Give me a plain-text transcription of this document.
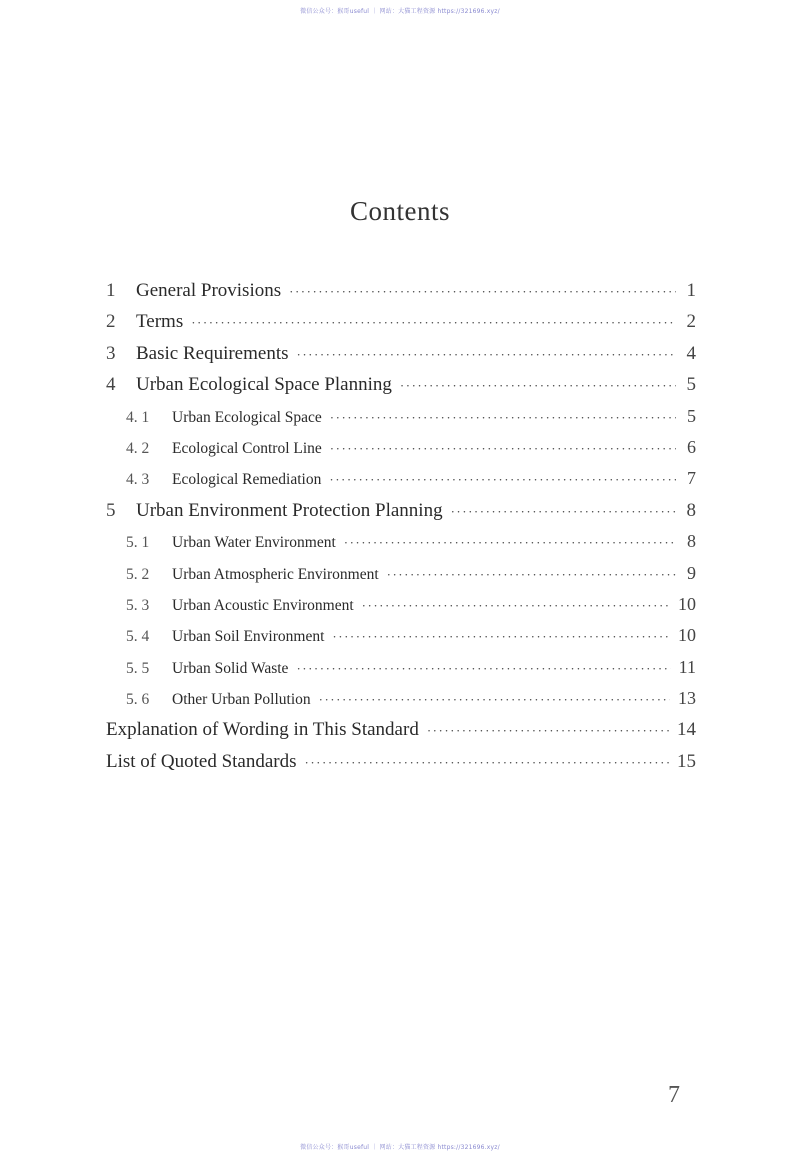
微信公众号：猴哥useful ｜ 网站：大猫工程资源 https://321696.xyz/
Contents
1	General Provisions ·····	1
2	Terms ·····	2
3	Basic Requirements ·····	4
4	Urban Ecological Space Planning ·····	5
4. 1	Urban Ecological Space ·····	5
4. 2	Ecological Control Line ·····	6
4. 3	Ecological Remediation ·····	7
5	Urban Environment Protection Planning ·····	8
5. 1	Urban Water Environment ·····	8
5. 2	Urban Atmospheric Environment ·····	9
5. 3	Urban Acoustic Environment ·····	10
5. 4	Urban Soil Environment ·····	10
5. 5	Urban Solid Waste ·····	11
5. 6	Other Urban Pollution ·····	13
Explanation of Wording in This Standard ·····	14
List of Quoted Standards ·····	15
7
微信公众号：猴哥useful ｜ 网站：大猫工程资源 https://321696.xyz/
